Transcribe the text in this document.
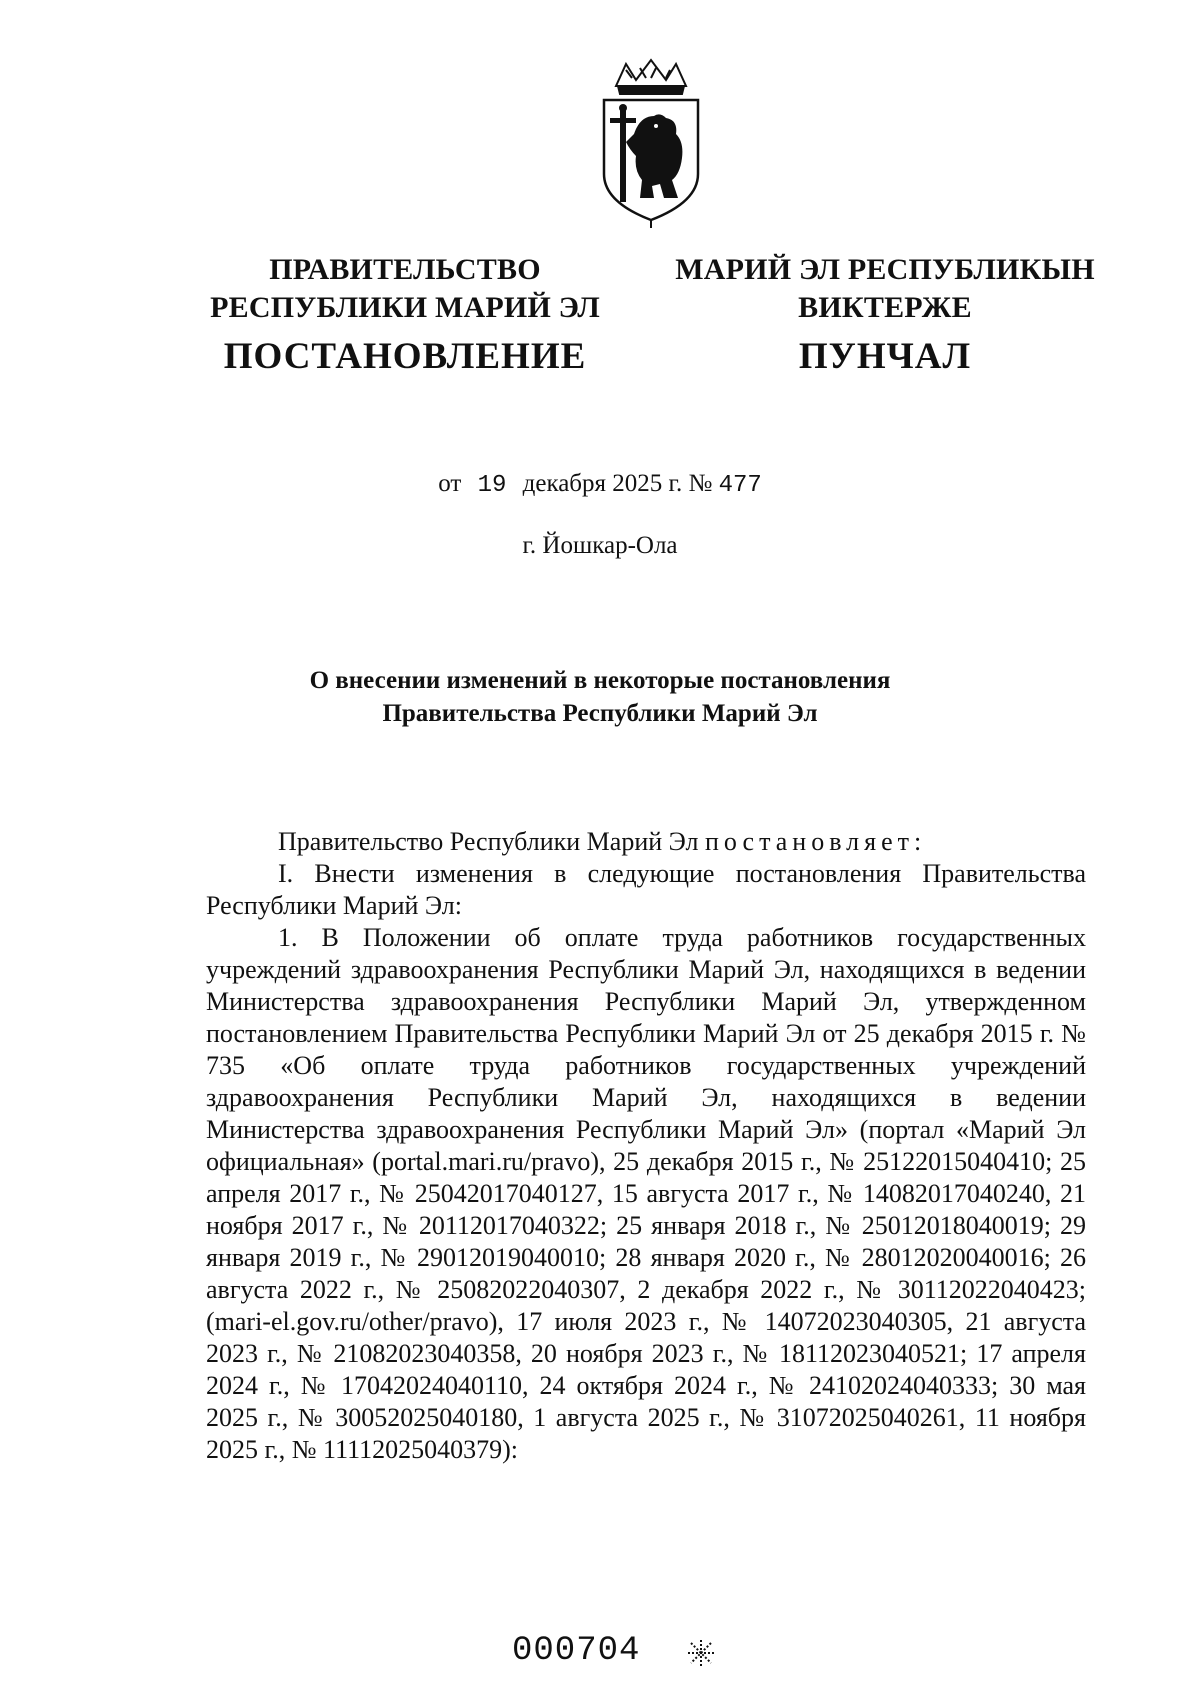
ПРАВИТЕЛЬСТВО
РЕСПУБЛИКИ МАРИЙ ЭЛ
ПОСТАНОВЛЕНИЕ
МАРИЙ ЭЛ РЕСПУБЛИКЫН
ВИКТЕРЖЕ
ПУНЧАЛ
от 19 декабря 2025 г. № 477
г. Йошкар-Ола
О внесении изменений в некоторые постановления
Правительства Республики Марий Эл

Правительство Республики Марий Эл постановляет:

I. Внести изменения в следующие постановления Правительства Республики Марий Эл:

1. В Положении об оплате труда работников государственных учреждений здравоохранения Республики Марий Эл, находящихся в ведении Министерства здравоохранения Республики Марий Эл, утвержденном постановлением Правительства Республики Марий Эл от 25 декабря 2015 г. № 735 «Об оплате труда работников государственных учреждений здравоохранения Республики Марий Эл, находящихся в ведении Министерства здравоохранения Республики Марий Эл» (портал «Марий Эл официальная» (portal.mari.ru/pravo), 25 декабря 2015 г., № 25122015040410; 25 апреля 2017 г., № 25042017040127, 15 августа 2017 г., № 14082017040240, 21 ноября 2017 г., № 20112017040322; 25 января 2018 г., № 25012018040019; 29 января 2019 г., № 29012019040010; 28 января 2020 г., № 28012020040016; 26 августа 2022 г., № 25082022040307, 2 декабря 2022 г., № 30112022040423; (mari-el.gov.ru/other/pravo), 17 июля 2023 г., № 14072023040305, 21 августа 2023 г., № 21082023040358, 20 ноября 2023 г., № 18112023040521; 17 апреля 2024 г., № 17042024040110, 24 октября 2024 г., № 24102024040333; 30 мая 2025 г., № 30052025040180, 1 августа 2025 г., № 31072025040261, 11 ноября 2025 г., № 11112025040379):

000704
